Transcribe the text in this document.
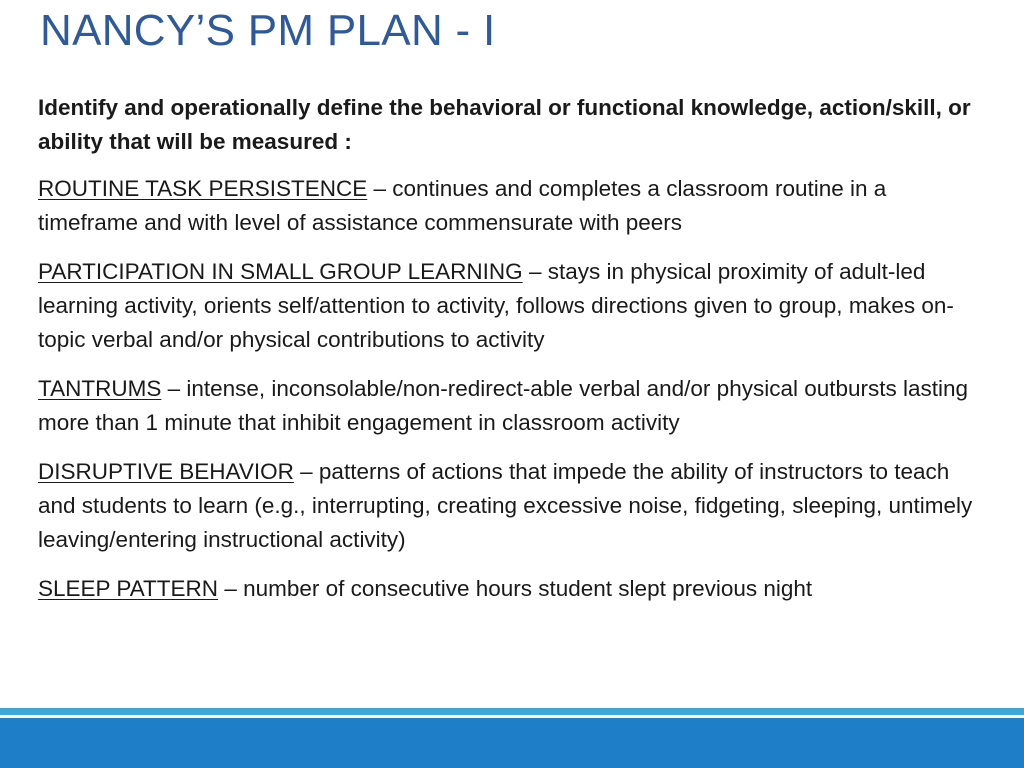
NANCY’S PM PLAN - I

Identify and operationally define the behavioral or functional knowledge, action/skill, or ability that will be measured :

ROUTINE TASK PERSISTENCE – continues and completes a classroom routine in a timeframe and with level of assistance commensurate with peers

PARTICIPATION IN SMALL GROUP LEARNING – stays in physical proximity of adult-led learning activity, orients self/attention to activity, follows directions given to group, makes on-topic verbal and/or physical contributions to activity

TANTRUMS – intense, inconsolable/non-redirect-able verbal and/or physical outbursts lasting more than 1 minute that inhibit engagement in classroom activity

DISRUPTIVE BEHAVIOR – patterns of actions that impede the ability of instructors to teach and students to learn (e.g., interrupting, creating excessive noise, fidgeting, sleeping, untimely leaving/entering instructional activity)

SLEEP PATTERN – number of consecutive hours student slept previous night
